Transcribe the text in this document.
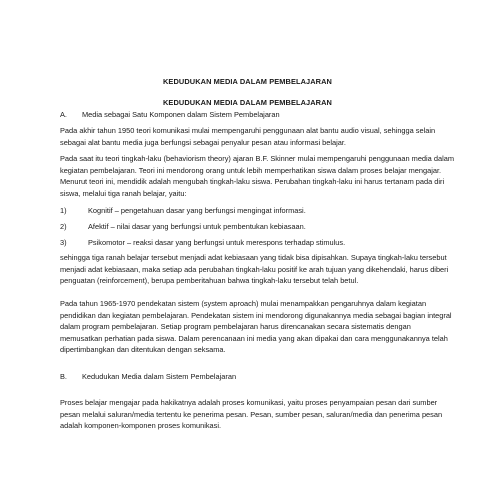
KEDUDUKAN MEDIA DALAM PEMBELAJARAN
KEDUDUKAN MEDIA DALAM PEMBELAJARAN
A. Media sebagai Satu Komponen dalam Sistem Pembelajaran

Pada akhir tahun 1950 teori komunikasi mulai mempengaruhi penggunaan alat bantu audio visual, sehingga selain sebagai alat bantu media juga berfungsi sebagai penyalur pesan atau informasi belajar.

Pada saat itu teori tingkah-laku (behaviorism theory) ajaran B.F. Skinner mulai mempengaruhi penggunaan media dalam kegiatan pembelajaran. Teori ini mendorong orang untuk lebih memperhatikan siswa dalam proses belajar mengajar. Menurut teori ini, mendidik adalah mengubah tingkah-laku siswa. Perubahan tingkah-laku ini harus tertanam pada diri siswa, melalui tiga ranah belajar, yaitu:

1)	Kognitif – pengetahuan dasar yang berfungsi mengingat informasi.
2)	Afektif – nilai dasar yang berfungsi untuk pembentukan kebiasaan.
3)	Psikomotor – reaksi dasar yang berfungsi untuk merespons terhadap stimulus.

sehingga tiga ranah belajar tersebut menjadi adat kebiasaan yang tidak bisa dipisahkan. Supaya tingkah-laku tersebut menjadi adat kebiasaan, maka setiap ada perubahan tingkah-laku positif ke arah tujuan yang dikehendaki, harus diberi penguatan (reinforcement), berupa pemberitahuan bahwa tingkah-laku tersebut telah betul.

Pada tahun 1965-1970 pendekatan sistem (system aproach) mulai menampakkan pengaruhnya dalam kegiatan pendidikan dan kegiatan pembelajaran. Pendekatan sistem ini mendorong digunakannya media sebagai bagian integral dalam program pembelajaran. Setiap program pembelajaran harus direncanakan secara sistematis dengan memusatkan perhatian pada siswa. Dalam perencanaan ini media yang akan dipakai dan cara menggunakannya telah dipertimbangkan dan ditentukan dengan seksama.

B. Kedudukan Media dalam Sistem Pembelajaran

Proses belajar mengajar pada hakikatnya adalah proses komunikasi, yaitu proses penyampaian pesan dari sumber pesan melalui saluran/media tertentu ke penerima pesan. Pesan, sumber pesan, saluran/media dan penerima pesan adalah komponen-komponen proses komunikasi.
